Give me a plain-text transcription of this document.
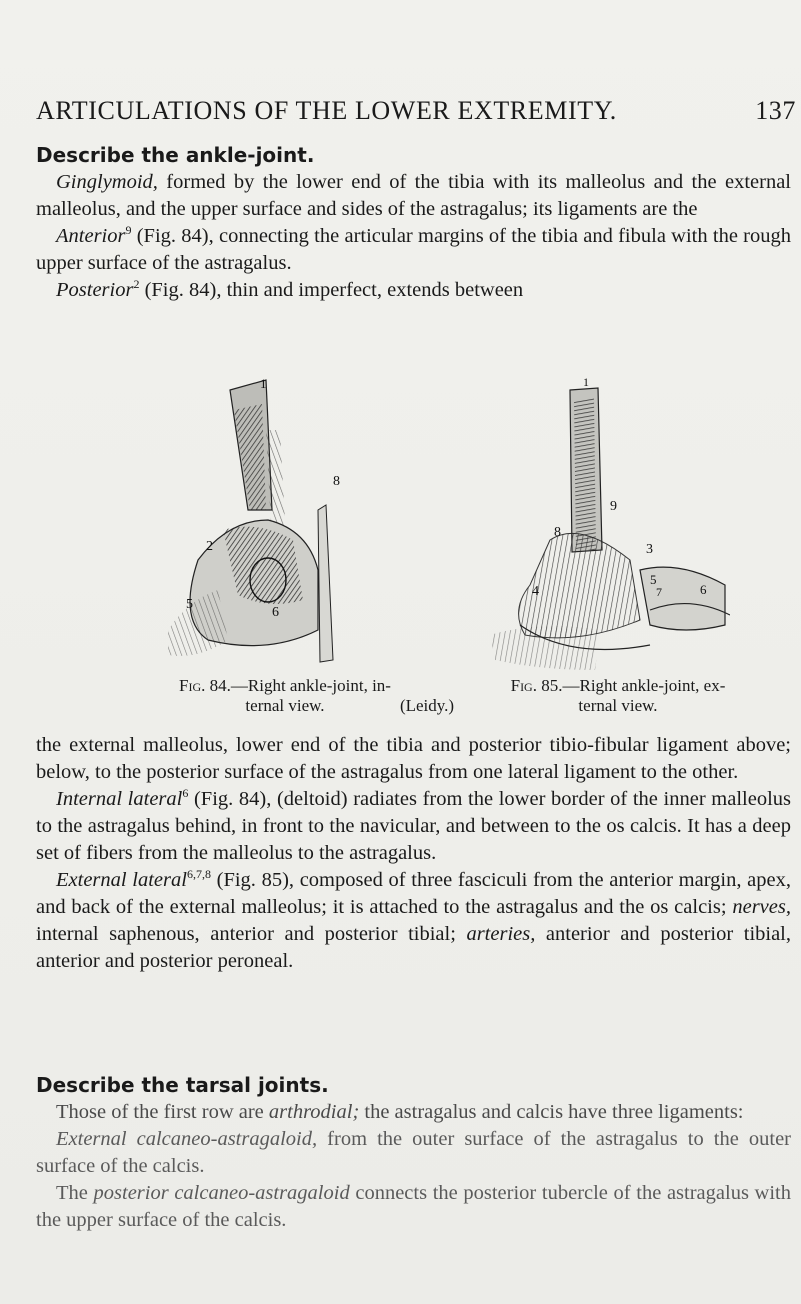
ARTICULATIONS OF THE LOWER EXTREMITY.	137
Describe the ankle-joint.

Ginglymoid, formed by the lower end of the tibia with its malleolus and the external malleolus, and the upper surface and sides of the astragalus; its ligaments are the

Anterior$^9$ (Fig. 84), connecting the articular margins of the tibia and fibula with the rough upper surface of the astragalus.

Posterior$^2$ (Fig. 84), thin and imperfect, extends between

1
2
5
6
8
1
3
4
5
6
7
8
9
Fig. 84.—Right ankle-joint, in-
ternal view.	(Leidy.)
Fig. 85.—Right ankle-joint, ex-
ternal view.

the external malleolus, lower end of the tibia and posterior tibio-fibular ligament above; below, to the posterior surface of the astragalus from one lateral ligament to the other.

Internal lateral$^6$ (Fig. 84), (deltoid) radiates from the lower border of the inner malleolus to the astragalus behind, in front to the navicular, and between to the os calcis. It has a deep set of fibers from the malleolus to the astragalus.

External lateral$^{6,7,8}$ (Fig. 85), composed of three fasciculi from the anterior margin, apex, and back of the external malleolus; it is attached to the astragalus and the os calcis; nerves, internal saphenous, anterior and posterior tibial; arteries, anterior and posterior tibial, anterior and posterior peroneal.

Describe the tarsal joints.

Those of the first row are arthrodial; the astragalus and calcis have three ligaments:

External calcaneo-astragaloid, from the outer surface of the astragalus to the outer surface of the calcis.

The posterior calcaneo-astragaloid connects the posterior tubercle of the astragalus with the upper surface of the calcis.
